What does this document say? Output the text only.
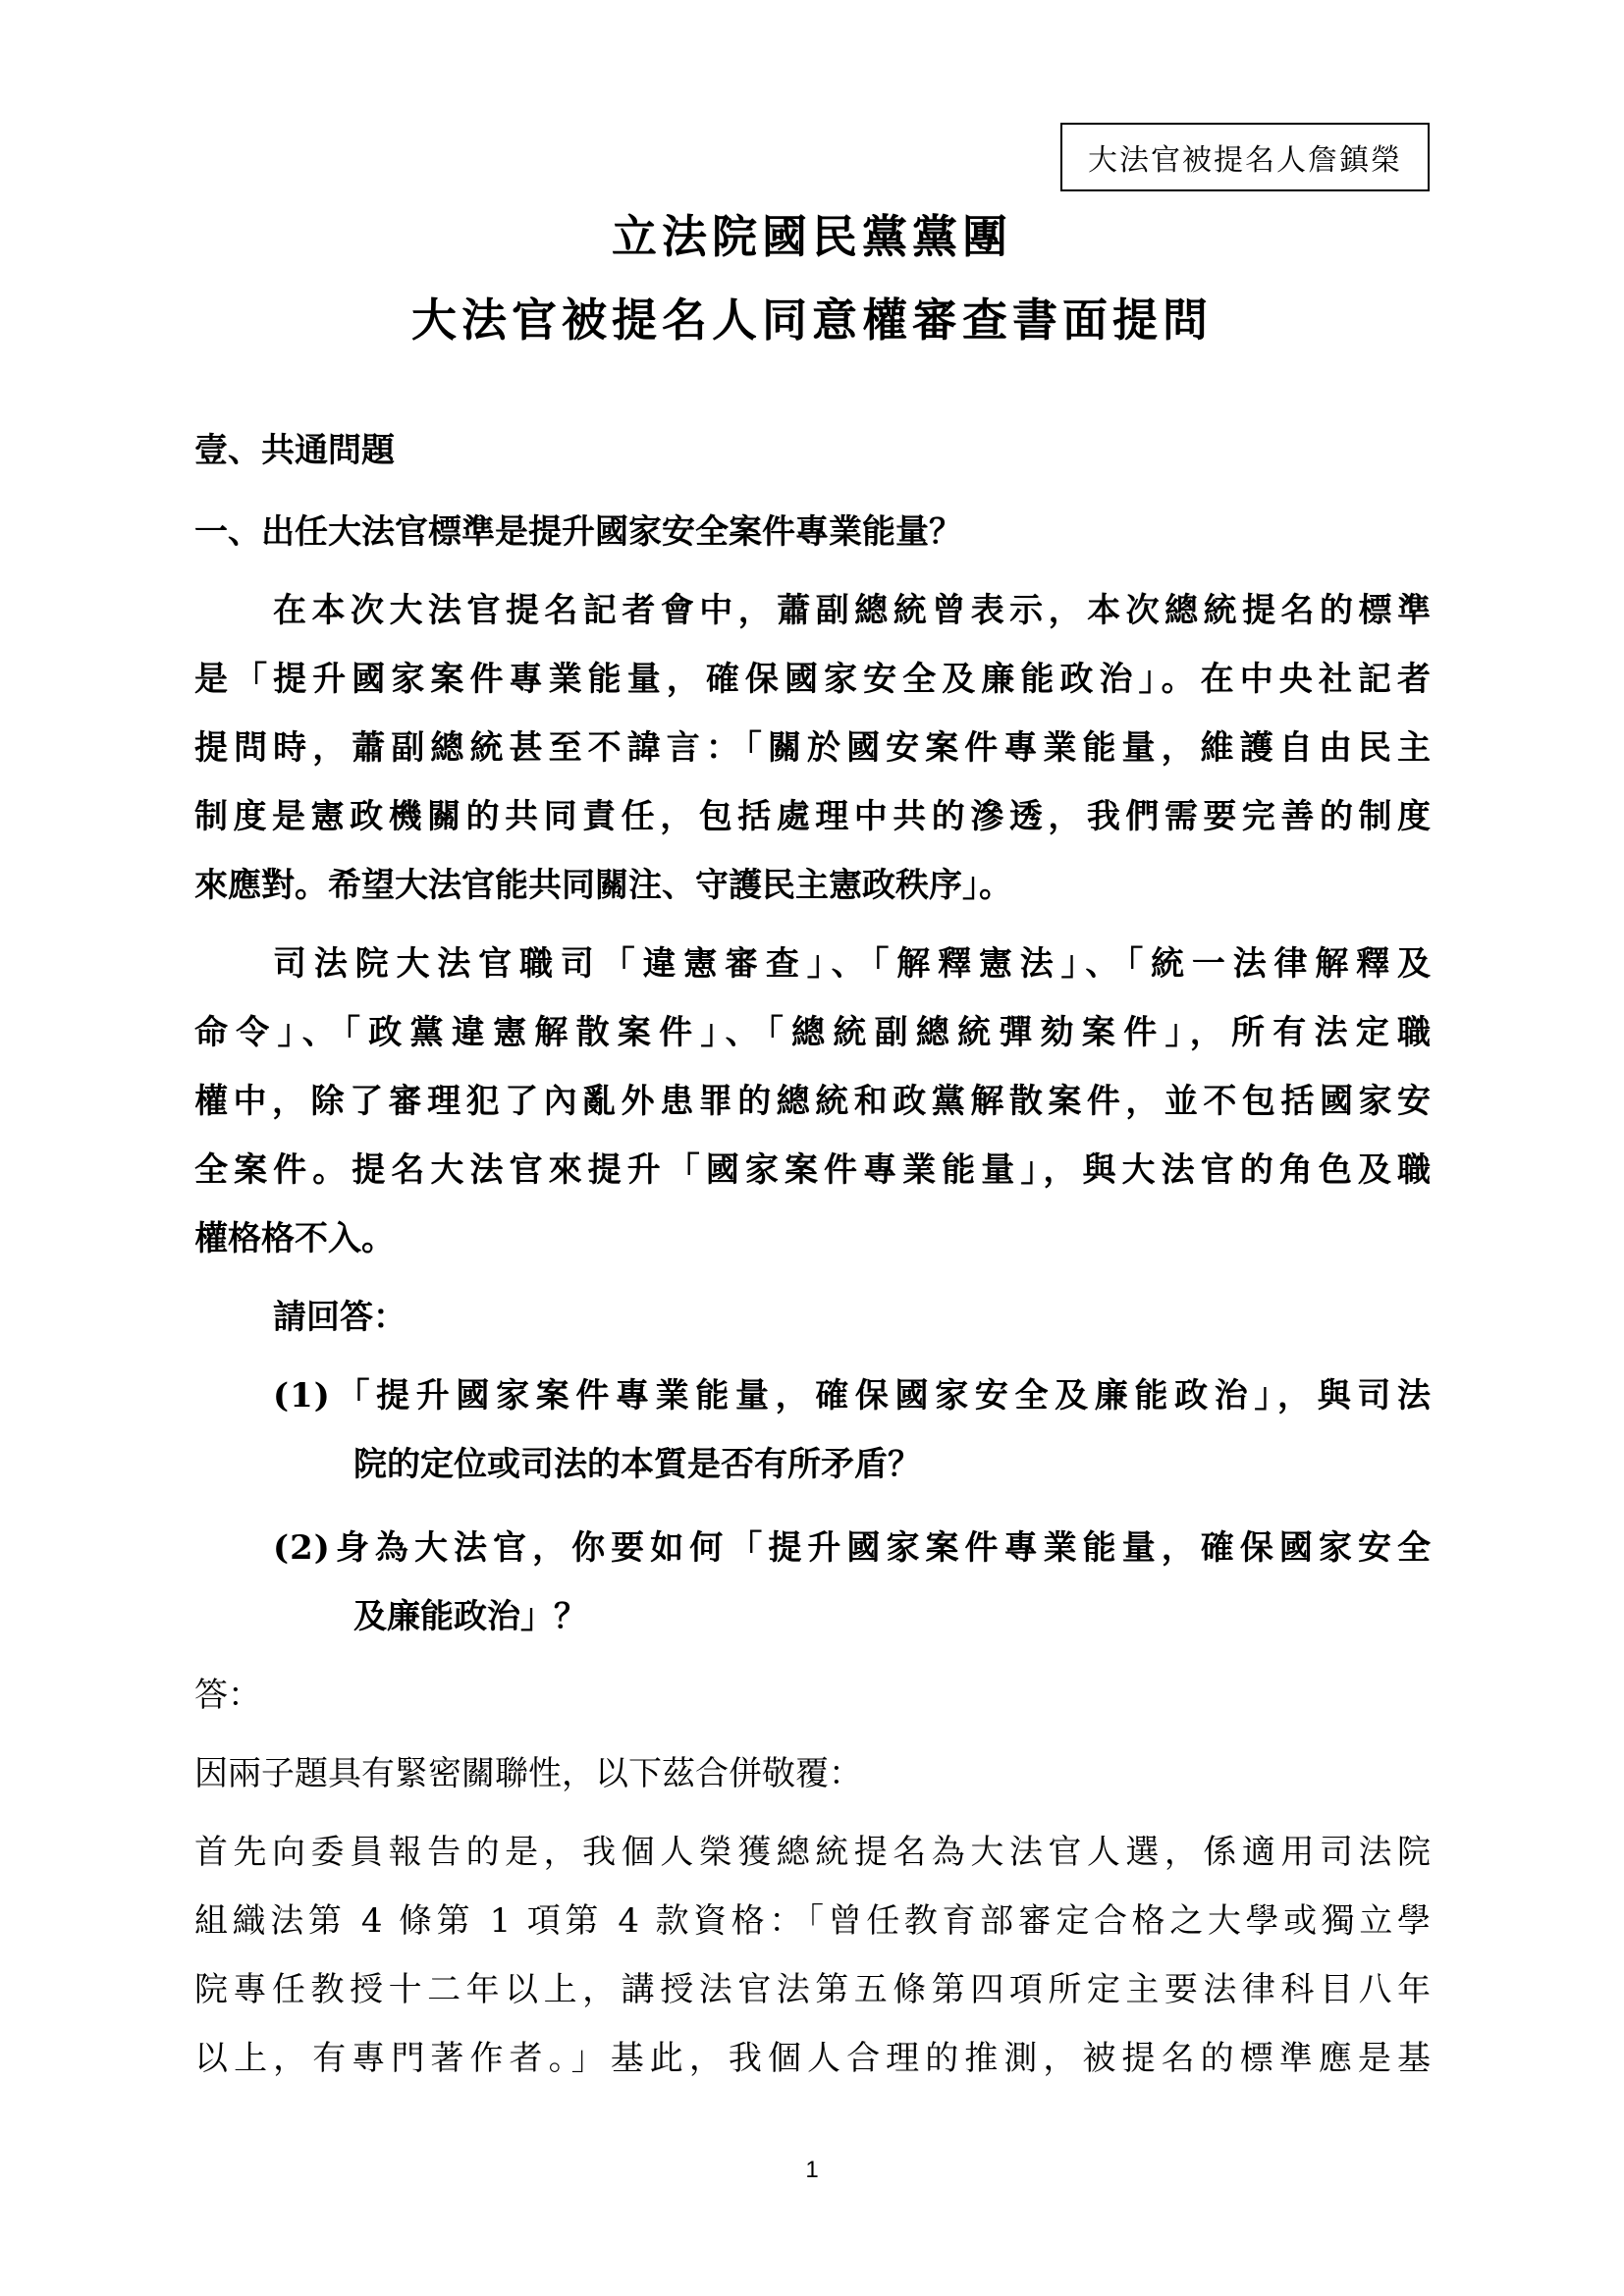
大法官被提名人詹鎮榮
立法院國民黨黨團
大法官被提名人同意權審查書面提問
壹、共通問題
一、出任大法官標準是提升國家安全案件專業能量？
在本次大法官提名記者會中，蕭副總統曾表示，本次總統提名的標準
是「提升國家案件專業能量，確保國家安全及廉能政治」。在中央社記者
提問時，蕭副總統甚至不諱言：「關於國安案件專業能量，維護自由民主
制度是憲政機關的共同責任，包括處理中共的滲透，我們需要完善的制度
來應對。希望大法官能共同關注、守護民主憲政秩序」。
司法院大法官職司「違憲審查」、「解釋憲法」、「統一法律解釋及
命令」、「政黨違憲解散案件」、「總統副總統彈劾案件」，所有法定職
權中，除了審理犯了內亂外患罪的總統和政黨解散案件，並不包括國家安
全案件。提名大法官來提升「國家案件專業能量」，與大法官的角色及職
權格格不入。
請回答：
(1)「提升國家案件專業能量，確保國家安全及廉能政治」，與司法
院的定位或司法的本質是否有所矛盾？
(2)身為大法官，你要如何「提升國家案件專業能量，確保國家安全
及廉能政治」？
答：
因兩子題具有緊密關聯性，以下茲合併敬覆：
首先向委員報告的是，我個人榮獲總統提名為大法官人選，係適用司法院
組織法第 4 條第 1 項第 4 款資格：「曾任教育部審定合格之大學或獨立學
院專任教授十二年以上，講授法官法第五條第四項所定主要法律科目八年
以上，有專門著作者。」基此，我個人合理的推測，被提名的標準應是基
1
